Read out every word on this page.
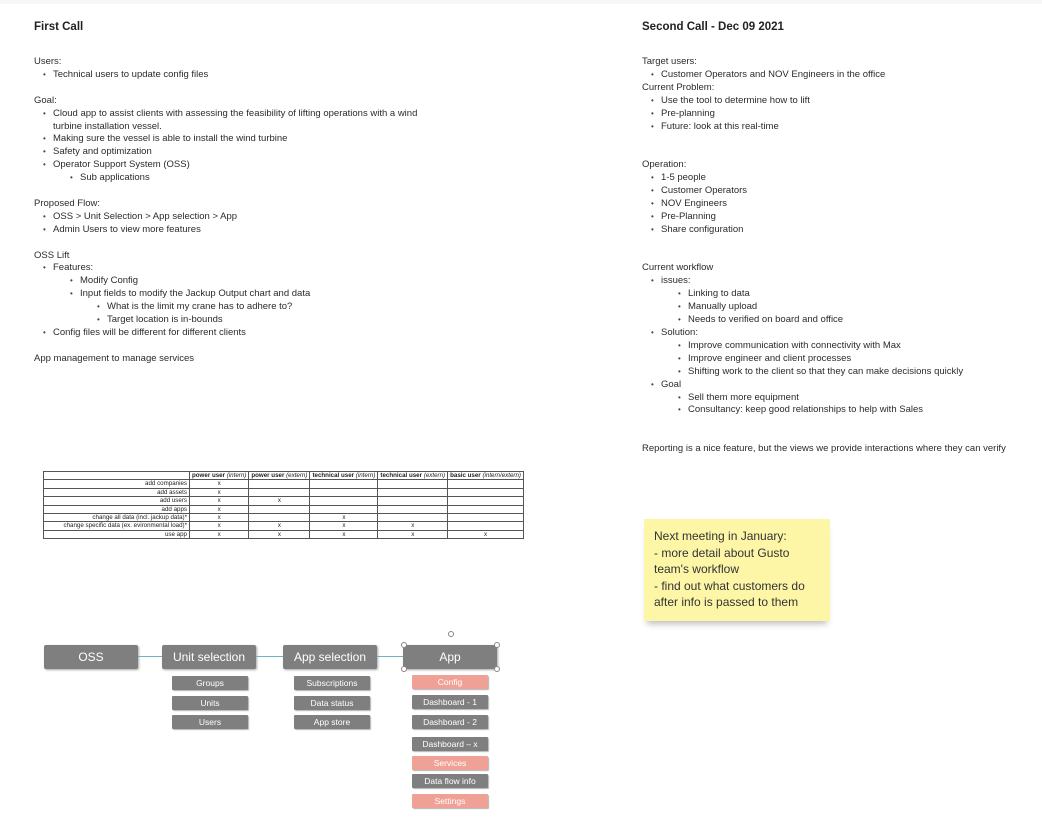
First Call
Users:
• Technical users to update config files
Goal:
• Cloud app to assist clients with assessing the feasibility of lifting operations with a wind
turbine installation vessel.
• Making sure the vessel is able to install the wind turbine
• Safety and optimization
• Operator Support System (OSS)
• Sub applications
Proposed Flow:
• OSS > Unit Selection > App selection > App
• Admin Users to view more features
OSS Lift
• Features:
• Modify Config
• Input fields to modify the Jackup Output chart and data
• What is the limit my crane has to adhere to?
• Target location is in-bounds
• Config files will be different for different clients
App management to manage services
Second Call - Dec 09 2021
Target users:
• Customer Operators and NOV Engineers in the office
Current Problem:
• Use the tool to determine how to lift
• Pre-planning
• Future: look at this real-time
Operation:
• 1-5 people
• Customer Operators
• NOV Engineers
• Pre-Planning
• Share configuration
Current workflow
• issues:
• Linking to data
• Manually upload
• Needs to verified on board and office
• Solution:
• Improve communication with connectivity with Max
• Improve engineer and client processes
• Shifting work to the client so that they can make decisions quickly
• Goal
• Sell them more equipment
• Consultancy: keep good relationships to help with Sales
Reporting is a nice feature, but the views we provide interactions where they can verify
	power user (intern)	power user (extern)	technical user (intern)	technical user (extern)	basic user (intern/extern)
add companies	x				
add assets	x				
add users	x	x			
add apps	x				
change all data (incl. jackup data)*	x		x		
change specific data (ex. evironmental load)*	x	x	x	x	
use app	x	x	x	x	x	Next meeting in January:
- more detail about Gusto
team's workflow
- find out what customers do
after info is passed to them
OSS	Unit selection	App selection	App
Groups
Units
Users
Subscriptions
Data status
App store
Config
Dashboard - 1
Dashboard - 2
Dashboard – x
Services
Data flow info
Settings
